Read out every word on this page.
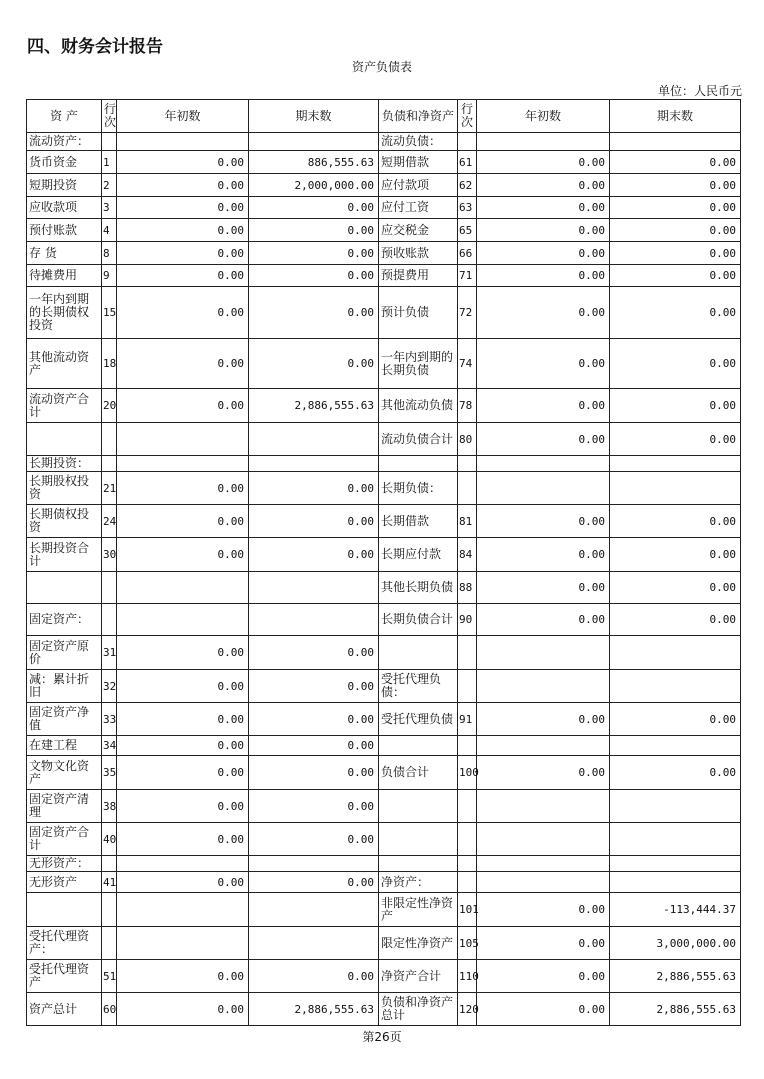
四、财务会计报告
资产负债表
单位：人民币元
资 产	行次	年初数	期末数	负债和净资产	行次	年初数	期末数
流动资产：				流动负债：			
货币资金	1	0.00	886,555.63	短期借款	61	0.00	0.00
短期投资	2	0.00	2,000,000.00	应付款项	62	0.00	0.00
应收款项	3	0.00	0.00	应付工资	63	0.00	0.00
预付账款	4	0.00	0.00	应交税金	65	0.00	0.00
存 货	8	0.00	0.00	预收账款	66	0.00	0.00
待摊费用	9	0.00	0.00	预提费用	71	0.00	0.00
一年内到期的长期债权投资	15	0.00	0.00	预计负债	72	0.00	0.00
其他流动资产	18	0.00	0.00	一年内到期的长期负债	74	0.00	0.00
流动资产合计	20	0.00	2,886,555.63	其他流动负债	78	0.00	0.00
				流动负债合计	80	0.00	0.00
长期投资：							
长期股权投资	21	0.00	0.00	长期负债：			
长期债权投资	24	0.00	0.00	长期借款	81	0.00	0.00
长期投资合计	30	0.00	0.00	长期应付款	84	0.00	0.00
				其他长期负债	88	0.00	0.00
固定资产：				长期负债合计	90	0.00	0.00
固定资产原价	31	0.00	0.00				
减：累计折旧	32	0.00	0.00	受托代理负债：			
固定资产净值	33	0.00	0.00	受托代理负债	91	0.00	0.00
在建工程	34	0.00	0.00				
文物文化资产	35	0.00	0.00	负债合计	100	0.00	0.00
固定资产清理	38	0.00	0.00				
固定资产合计	40	0.00	0.00				
无形资产：							
无形资产	41	0.00	0.00	净资产：			
				非限定性净资产	101	0.00	-113,444.37
受托代理资产：				限定性净资产	105	0.00	3,000,000.00
受托代理资产	51	0.00	0.00	净资产合计	110	0.00	2,886,555.63
资产总计	60	0.00	2,886,555.63	负债和净资产总计	120	0.00	2,886,555.63
第26页
